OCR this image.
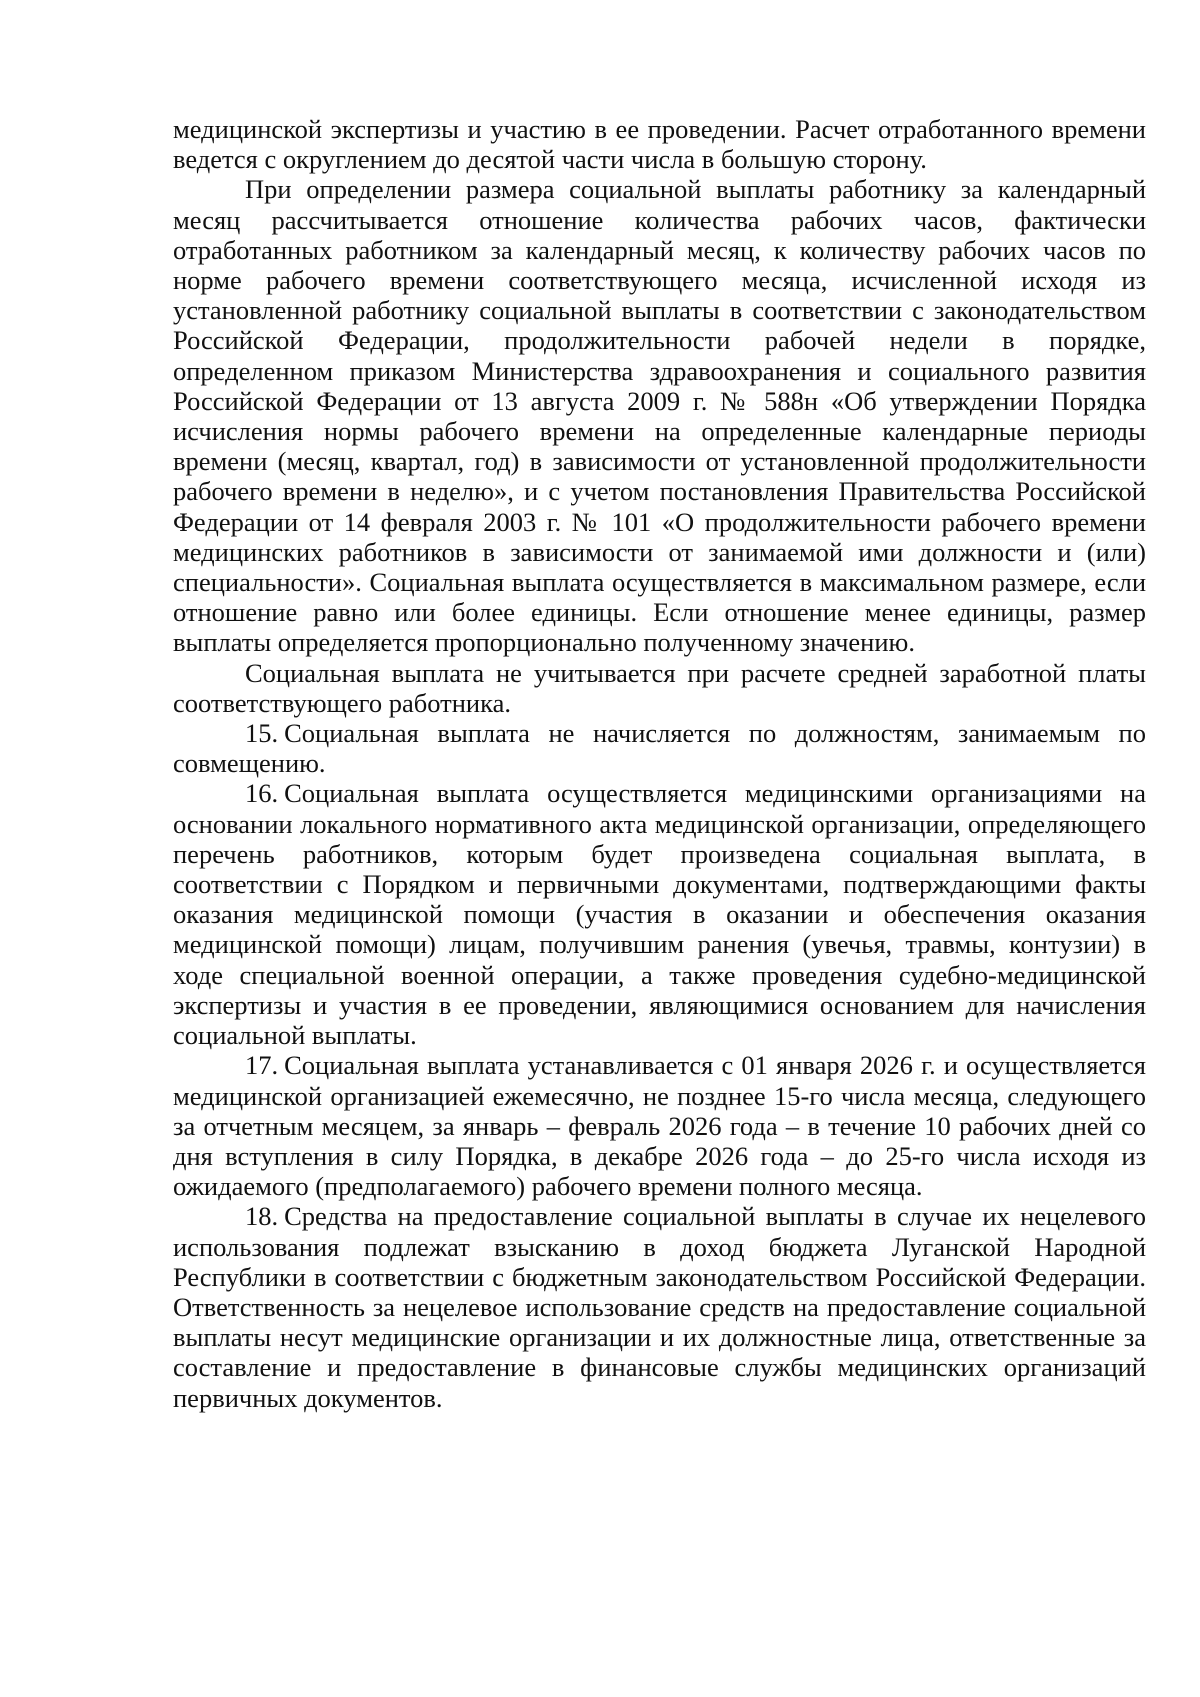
медицинской экспертизы и участию в ее проведении. Расчет отработанного времени ведется с округлением до десятой части числа в большую сторону.

При определении размера социальной выплаты работнику за календарный месяц рассчитывается отношение количества рабочих часов, фактически отработанных работником за календарный месяц, к количеству рабочих часов по норме рабочего времени соответствующего месяца, исчисленной исходя из установленной работнику социальной выплаты в соответствии с законодательством Российской Федерации, продолжительности рабочей недели в порядке, определенном приказом Министерства здравоохранения и социального развития Российской Федерации от 13 августа 2009 г. № 588н «Об утверждении Порядка исчисления нормы рабочего времени на определенные календарные периоды времени (месяц, квартал, год) в зависимости от установленной продолжительности рабочего времени в неделю», и с учетом постановления Правительства Российской Федерации от 14 февраля 2003 г. № 101 «О продолжительности рабочего времени медицинских работников в зависимости от занимаемой ими должности и (или) специальности». Социальная выплата осуществляется в максимальном размере, если отношение равно или более единицы. Если отношение менее единицы, размер выплаты определяется пропорционально полученному значению.

Социальная выплата не учитывается при расчете средней заработной платы соответствующего работника.

15. Социальная выплата не начисляется по должностям, занимаемым по совмещению.

16. Социальная выплата осуществляется медицинскими организациями на основании локального нормативного акта медицинской организации, определяющего перечень работников, которым будет произведена социальная выплата, в соответствии с Порядком и первичными документами, подтверждающими факты оказания медицинской помощи (участия в оказании и обеспечения оказания медицинской помощи) лицам, получившим ранения (увечья, травмы, контузии) в ходе специальной военной операции, а также проведения судебно-медицинской экспертизы и участия в ее проведении, являющимися основанием для начисления социальной выплаты.

17. Социальная выплата устанавливается с 01 января 2026 г. и осуществляется медицинской организацией ежемесячно, не позднее 15-го числа месяца, следующего за отчетным месяцем, за январь – февраль 2026 года – в течение 10 рабочих дней со дня вступления в силу Порядка, в декабре 2026 года – до 25-го числа исходя из ожидаемого (предполагаемого) рабочего времени полного месяца.

18. Средства на предоставление социальной выплаты в случае их нецелевого использования подлежат взысканию в доход бюджета Луганской Народной Республики в соответствии с бюджетным законодательством Российской Федерации. Ответственность за нецелевое использование средств на предоставление социальной выплаты несут медицинские организации и их должностные лица, ответственные за составление и предоставление в финансовые службы медицинских организаций первичных документов.
